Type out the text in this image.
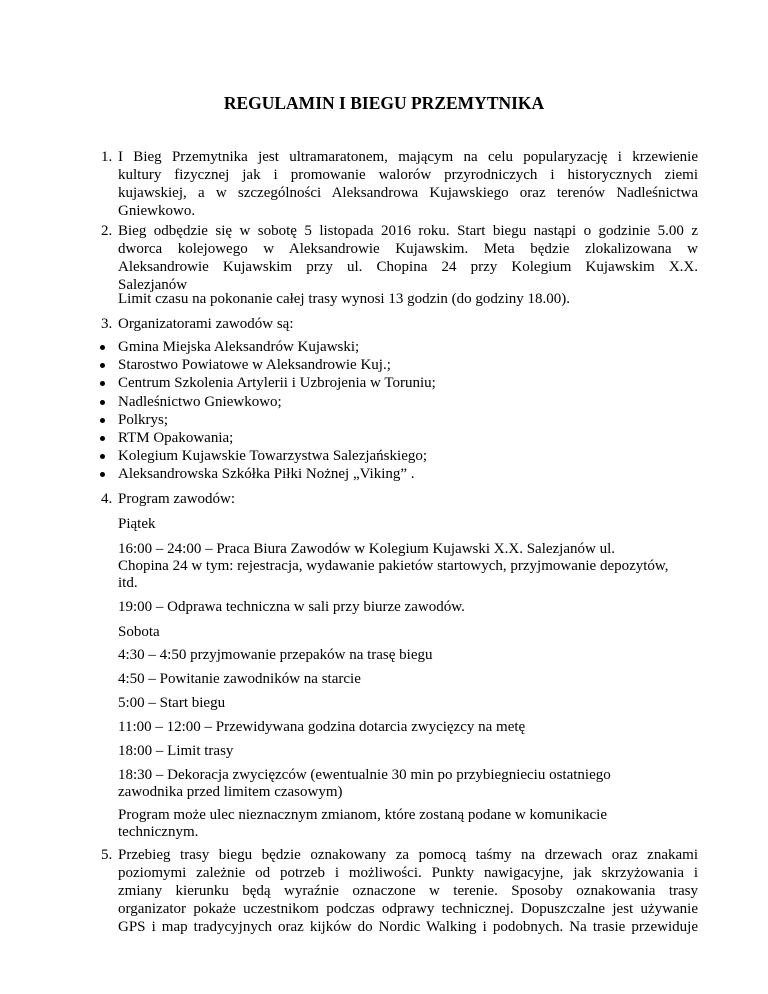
REGULAMIN I BIEGU PRZEMYTNIKA
1. I Bieg Przemytnika jest ultramaratonem, mającym na celu popularyzację i krzewienie
kultury fizycznej jak i promowanie walorów przyrodniczych i historycznych ziemi
kujawskiej, a w szczególności Aleksandrowa Kujawskiego oraz terenów Nadleśnictwa
Gniewkowo.
2. Bieg odbędzie się w sobotę 5 listopada 2016 roku. Start biegu nastąpi o godzinie 5.00 z
dworca kolejowego w Aleksandrowie Kujawskim. Meta będzie zlokalizowana w
Aleksandrowie Kujawskim przy ul. Chopina 24 przy Kolegium Kujawskim X.X.
Salezjanów
Limit czasu na pokonanie całej trasy wynosi 13 godzin (do godziny 18.00).
3. Organizatorami zawodów są:
Gmina Miejska Aleksandrów Kujawski;
Starostwo Powiatowe w Aleksandrowie Kuj.;
Centrum Szkolenia Artylerii i Uzbrojenia w Toruniu;
Nadleśnictwo Gniewkowo;
Polkrys;
RTM Opakowania;
Kolegium Kujawskie Towarzystwa Salezjańskiego;
Aleksandrowska Szkółka Piłki Nożnej „Viking” .
4. Program zawodów:
Piątek
16:00 – 24:00 – Praca Biura Zawodów w Kolegium Kujawski X.X. Salezjanów ul.
Chopina 24 w tym: rejestracja, wydawanie pakietów startowych, przyjmowanie depozytów,
itd.
19:00 – Odprawa techniczna w sali przy biurze zawodów.
Sobota
4:30 – 4:50 przyjmowanie przepaków na trasę biegu
4:50 – Powitanie zawodników na starcie
5:00 – Start biegu
11:00 – 12:00 – Przewidywana godzina dotarcia zwycięzcy na metę
18:00 – Limit trasy
18:30 – Dekoracja zwycięzców (ewentualnie 30 min po przybiegnieciu ostatniego
zawodnika przed limitem czasowym)
Program może ulec nieznacznym zmianom, które zostaną podane w komunikacie
technicznym.
5. Przebieg trasy biegu będzie oznakowany za pomocą taśmy na drzewach oraz znakami
poziomymi zależnie od potrzeb i możliwości. Punkty nawigacyjne, jak skrzyżowania i
zmiany kierunku będą wyraźnie oznaczone w terenie. Sposoby oznakowania trasy
organizator pokaże uczestnikom podczas odprawy technicznej. Dopuszczalne jest używanie
GPS i map tradycyjnych oraz kijków do Nordic Walking i podobnych. Na trasie przewiduje
